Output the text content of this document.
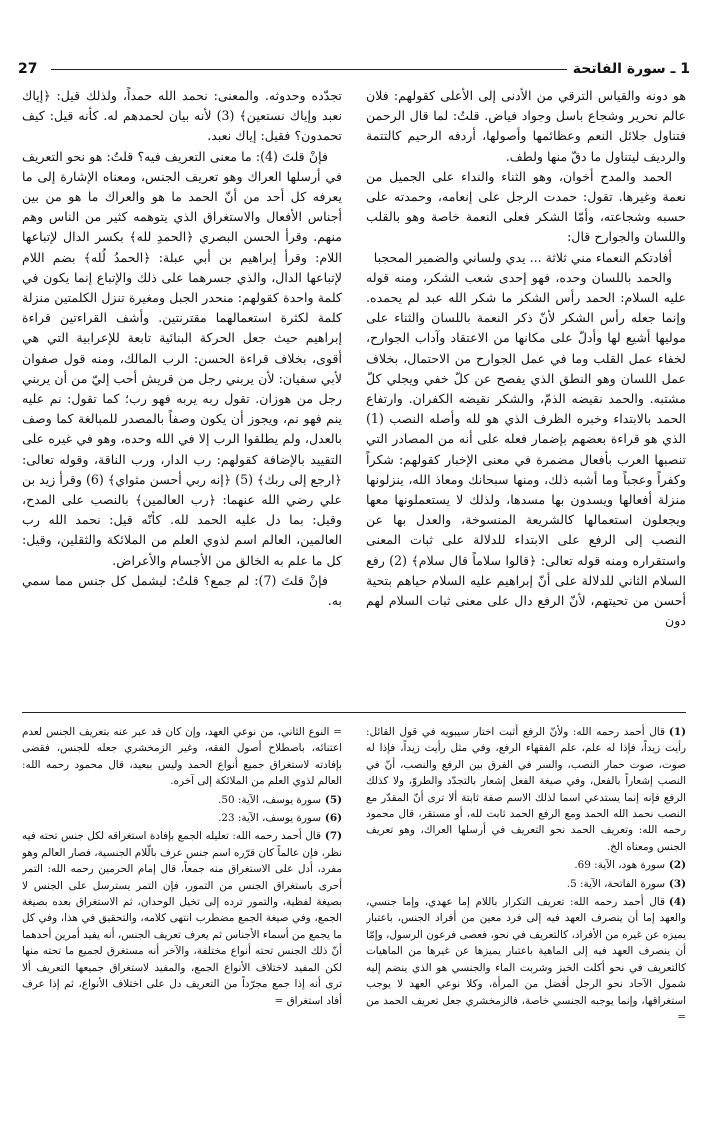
27	1 ـ سورة الفاتحة

هو دونه والقياس الترقي من الأدنى إلى الأعلى كقولهم: فلان عالم نحرير وشجاع باسل وجواد فياض. قلتُ: لما قال الرحمن فتناول جلائل النعم وعظائمها وأصولها، أردفه الرحيم كالتتمة والرديف ليتناول ما دقّ منها ولطف.

الحمد والمدح أخوان، وهو الثناء والنداء على الجميل من نعمة وغيرها. تقول: حمدت الرجل على إنعامه، وحمدته على حسبه وشجاعته، وأمّا الشكر فعلى النعمة خاصة وهو بالقلب واللسان والجوارح قال:

أفادتكم النعماء مني ثلاثة ... يدي ولساني والضمير المحجبا

والحمد باللسان وحده، فهو إحدى شعب الشكر، ومنه قوله عليه السلام: الحمد رأس الشكر ما شكر الله عبد لم يحمده. وإنما جعله رأس الشكر لأنّ ذكر النعمة باللسان والثناء على موليها أشيع لها وأدلّ على مكانها من الاعتقاد وآداب الجوارح، لخفاء عمل القلب وما في عمل الجوارح من الاحتمال، بخلاف عمل اللسان وهو النطق الذي يفصح عن كلّ خفي ويجلي كلّ مشتبه. والحمد نقيضه الذمّ، والشكر نقيضه الكفران. وارتفاع الحمد بالابتداء وخبره الظرف الذي هو لله وأصله النصب (1) الذي هو قراءة بعضهم بإضمار فعله على أنه من المصادر التي تنصبها العرب بأفعال مضمرة في معنى الإخبار كقولهم: شكراً وكفراً وعجباً وما أشبه ذلك، ومنها سبحانك ومعاذ الله، ينزلونها منزلة أفعالها ويسدون بها مسدها، ولذلك لا يستعملونها معها ويجعلون استعمالها كالشريعة المنسوخة، والعدل بها عن النصب إلى الرفع على الابتداء للدلالة على ثبات المعنى واستقراره ومنه قوله تعالى: ﴿قالوا سلاماً قال سلام﴾ (2) رفع السلام الثاني للدلالة على أنّ إبراهيم عليه السلام حياهم بتحية أحسن من تحيتهم، لأنّ الرفع دال على معنى ثبات السلام لهم دون

تجدّده وحدوثه. والمعنى: نحمد الله حمداً، ولذلك قيل: ﴿إياك نعبد وإياك نستعين﴾ (3) لأنه بيان لحمدهم له. كأنه قيل: كيف تحمدون؟ فقيل: إياك نعبد.

فإنْ قلتَ (4): ما معنى التعريف فيه؟ قلتُ: هو نحو التعريف في أرسلها العراك وهو تعريف الجنس، ومعناه الإشارة إلى ما يعرفه كل أحد من أنّ الحمد ما هو والعراك ما هو من بين أجناس الأفعال والاستغراق الذي يتوهمه كثير من الناس وهم منهم. وقرأ الحسن البصري ﴿الحمدِ لله﴾ بكسر الدال لإتباعها اللام: وقرأ إبراهيم بن أبي عبلة: ﴿الحمدُ لُله﴾ بضم اللام لإتباعها الدال، والذي جسرهما على ذلك والإتباع إنما يكون في كلمة واحدة كقولهم: منحدر الجبل ومغيرة تنزل الكلمتين منزلة كلمة لكثرة استعمالهما مقترنتين. وأشف القراءتين قراءة إبراهيم حيث جعل الحركة البنائية تابعة للإعرابية التي هي أقوى، بخلاف قراءة الحسن: الرب المالك، ومنه قول صفوان لأبي سفيان: لأن يربني رجل من قريش أحب إليّ من أن يربني رجل من هوزان. تقول ربه يربه فهو رب؛ كما تقول: نم عليه ينم فهو نم، ويجوز أن يكون وصفاً بالمصدر للمبالغة كما وصف بالعدل، ولم يطلقوا الرب إلا في الله وحده، وهو في غيره على التقييد بالإضافة كقولهم: رب الدار، ورب الناقة، وقوله تعالى: ﴿ارجع إلى ربك﴾ (5) ﴿إنه ربي أحسن مثواي﴾ (6) وقرأ زيد بن علي رضي الله عنهما: ﴿رب العالمين﴾ بالنصب على المدح، وقيل: بما دل عليه الحمد لله. كأنّه قيل: نحمد الله رب العالمين، العالم اسم لذوي العلم من الملائكة والثقلين، وقيل: كل ما علم به الخالق من الأجسام والأعراض.

فإنْ قلتَ (7): لم جمع؟ قلتُ: ليشمل كل جنس مما سمي به.

(1)قال أحمد رحمه الله: ولأنّ الرفع أثبت اختار سيبويه في قول القائل: رأيت زيداً، فإذا له علم، علم الفقهاء الرفع، وفي مثل رأيت زيداً، فإذا له صوت، صوت حمار النصب، والسر في الفرق بين الرفع والنصب، أنّ في النصب إشعاراً بالفعل، وفي صيغة الفعل إشعار بالتجدّد والطروّ، ولا كذلك الرفع فإنه إنما يستدعي اسما لذلك الاسم صفة ثابتة ألا ترى أنّ المقدّر مع النصب نحمد الله الحمد ومع الرفع الحمد ثابت لله، أو مستقر، قال محمود رحمه الله: وتعريف الحمد نحو التعريف في أرسلها العراك، وهو تعريف الجنس ومعناه الخ.

(2)سورة هود، الآية: 69.

(3)سورة الفاتحة، الآية: 5.

(4)قال أحمد رحمه الله: تعريف التكرار باللام إما عهدي، وإما جنسي، والعهد إما أن ينصرف العهد فيه إلى فرد معين من أفراد الجنس، باعتبار يميزه عن غيره من الأفراد، كالتعريف في نحو، فعصى فرعون الرسول، وإمّا أن ينصرف العهد فيه إلى الماهية باعتبار يميزها عن غيرها من الماهيات كالتعريف في نحو أكلت الخبز وشربت الماء والجنسي هو الذي ينضم إليه شمول الآحاد نحو الرجل أفضل من المرأة، وكلا نوعي العهد لا يوجب استغراقها، وإنما يوجبه الجنسي خاصة، فالزمخشري جعل تعريف الحمد من =

= النوع الثاني، من نوعي العهد، وإن كان قد عبر عنه بتعريف الجنس لعدم اعتنائه، باصطلاح أصول الفقه، وغير الزمخشري جعله للجنس، فقضى بإفادته لاستغراق جميع أنواع الحمد وليس ببعيد، قال محمود رحمه الله: العالم لذوي العلم من الملائكة إلى آخره.

(5)سورة يوسف، الآية: 50.

(6)سورة يوسف، الآية: 23.

(7)قال أحمد رحمه الله: تعليله الجمع بإفادة استغراقه لكل جنس تحته فيه نظر، فإن عالماً كان قرّره اسم جنس عرف بالّلام الجنسية، فصار العالم وهو مفرد، أدل على الاستغراق منه جمعاً، قال إمام الحرمين رحمه الله: التمر أحرى باستغراق الجنس من التمور، فإن التمر يسترسل على الجنس لا بصيغة لفظية، والتمور ترده إلى تخيل الوحدان، ثم الاستغراق بعده بصيغة الجمع، وفي صيغة الجمع مضطرب انتهى كلامه، والتحقيق في هذا، وفي كل ما يجمع من أسماء الأجناس ثم يعرف تعريف الجنس، أنه يفيد أمرين أحدهما أنّ ذلك الجنس تحته أنواع مختلفة، والآخر أنه مستغرق لجميع ما تحته منها لكن المفيد لاختلاف الأنواع الجمع، والمفيد لاستغراق جميعها التعريف ألا ترى أنه إذا جمع مجرّداً من التعريف دل على اختلاف الأنواع، ثم إذا عرف أفاد استغراق =
